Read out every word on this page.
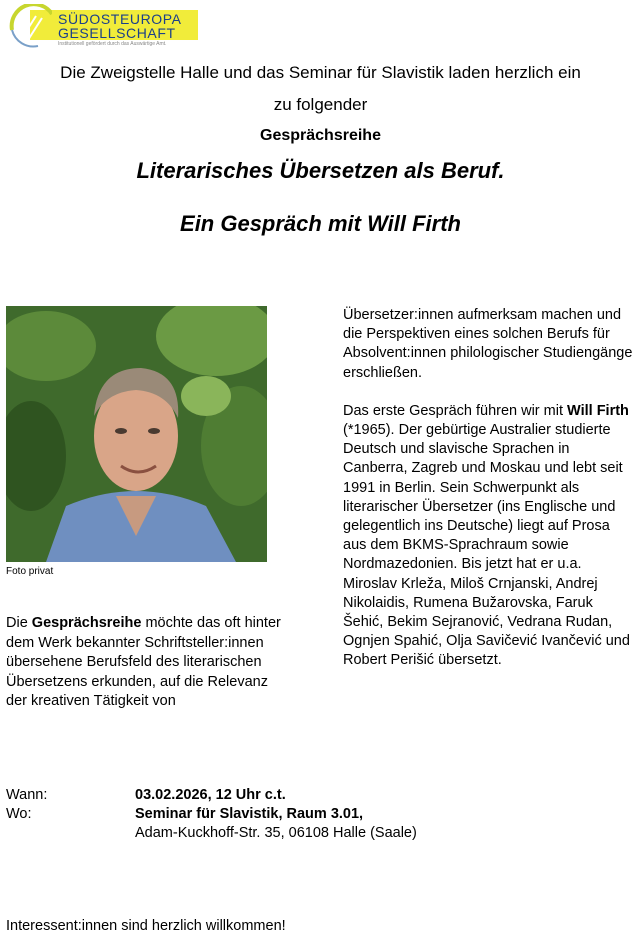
SÜDOSTEUROPA
GESELLSCHAFT
Institutionell gefördert durch das Auswärtige Amt.
Die Zweigstelle Halle und das Seminar für Slavistik laden herzlich ein
zu folgender
Gesprächsreihe
Literarisches Übersetzen als Beruf.
Ein Gespräch mit Will Firth
Foto privat
Die Gesprächsreihe möchte das oft hinter dem Werk bekannter Schriftsteller:innen übersehene Berufsfeld des literarischen Übersetzens erkunden, auf die Relevanz der kreativen Tätigkeit von

Übersetzer:innen aufmerksam machen und die Perspektiven eines solchen Berufs für Absolvent:innen philologischer Studiengänge erschließen.

Das erste Gespräch führen wir mit Will Firth (*1965). Der gebürtige Australier studierte Deutsch und slavische Sprachen in Canberra, Zagreb und Moskau und lebt seit 1991 in Berlin. Sein Schwerpunkt als literarischer Übersetzer (ins Englische und gelegentlich ins Deutsche) liegt auf Prosa aus dem BKMS-Sprachraum sowie Nordmazedonien. Bis jetzt hat er u.a. Miroslav Krleža, Miloš Crnjanski, Andrej Nikolaidis, Rumena Bužarovska, Faruk Šehić, Bekim Sejranović, Vedrana Rudan, Ognjen Spahić, Olja Savičević Ivančević und Robert Perišić übersetzt.

Wann:	03.02.2026, 12 Uhr c.t.
Wo:	Seminar für Slavistik, Raum 3.01,
Adam-Kuckhoff-Str. 35, 06108 Halle (Saale)
Interessent:innen sind herzlich willkommen!
